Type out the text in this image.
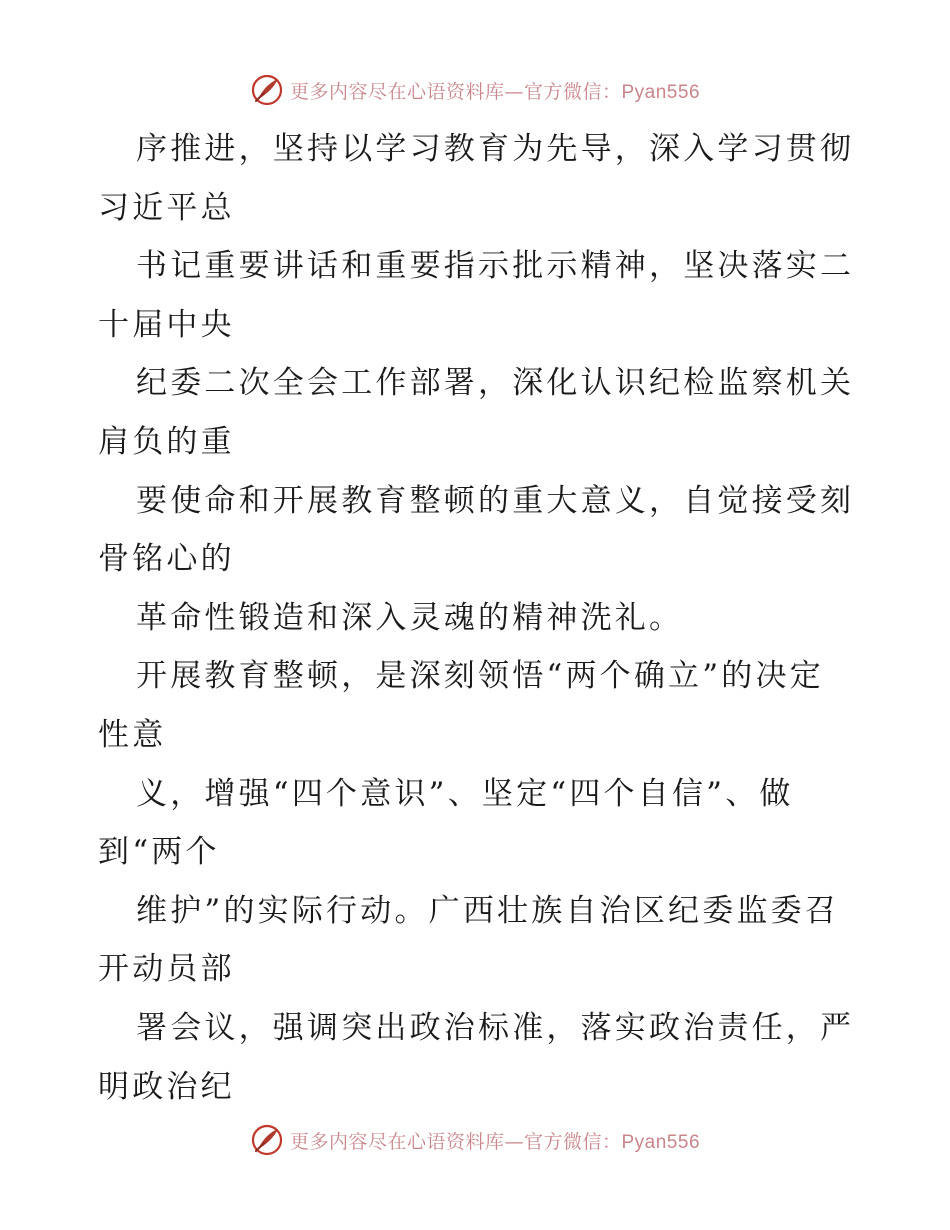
更多内容尽在心语资料库—官方微信：Pyan556
序推进，坚持以学习教育为先导，深入学习贯彻
习近平总
书记重要讲话和重要指示批示精神，坚决落实二
十届中央
纪委二次全会工作部署，深化认识纪检监察机关
肩负的重
要使命和开展教育整顿的重大意义，自觉接受刻
骨铭心的
革命性锻造和深入灵魂的精神洗礼。
开展教育整顿，是深刻领悟“两个确立”的决定
性意
义，增强“四个意识”、坚定“四个自信”、做
到“两个
维护”的实际行动。广西壮族自治区纪委监委召
开动员部
署会议，强调突出政治标准，落实政治责任，严
明政治纪
更多内容尽在心语资料库—官方微信：Pyan556
